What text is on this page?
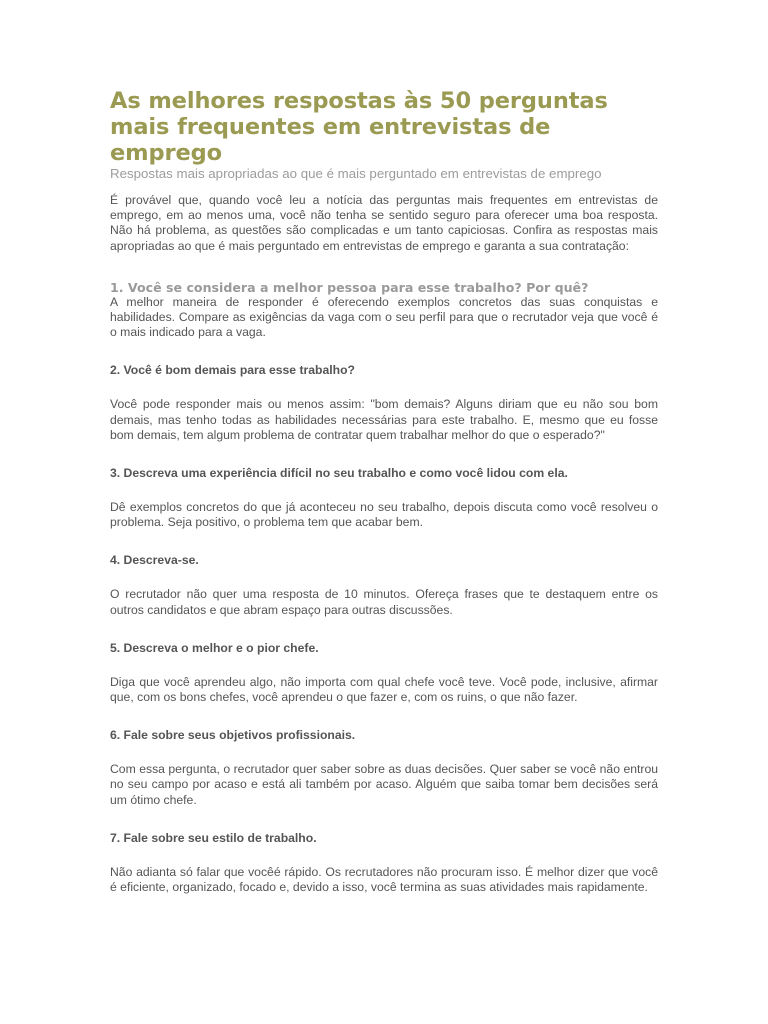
As melhores respostas às 50 perguntas mais frequentes em entrevistas de emprego

Respostas mais apropriadas ao que é mais perguntado em entrevistas de emprego

É provável que, quando você leu a notícia das perguntas mais frequentes em entrevistas de emprego, em ao menos uma, você não tenha se sentido seguro para oferecer uma boa resposta. Não há problema, as questões são complicadas e um tanto capiciosas. Confira as respostas mais apropriadas ao que é mais perguntado em entrevistas de emprego e garanta a sua contratação:

1. Você se considera a melhor pessoa para esse trabalho? Por quê?

A melhor maneira de responder é oferecendo exemplos concretos das suas conquistas e habilidades. Compare as exigências da vaga com o seu perfil para que o recrutador veja que você é o mais indicado para a vaga.

2. Você é bom demais para esse trabalho?

Você pode responder mais ou menos assim: "bom demais? Alguns diriam que eu não sou bom demais, mas tenho todas as habilidades necessárias para este trabalho. E, mesmo que eu fosse bom demais, tem algum problema de contratar quem trabalhar melhor do que o esperado?"

3. Descreva uma experiência difícil no seu trabalho e como você lidou com ela.

Dê exemplos concretos do que já aconteceu no seu trabalho, depois discuta como você resolveu o problema. Seja positivo, o problema tem que acabar bem.

4. Descreva-se.

O recrutador não quer uma resposta de 10 minutos. Ofereça frases que te destaquem entre os outros candidatos e que abram espaço para outras discussões.

5. Descreva o melhor e o pior chefe.

Diga que você aprendeu algo, não importa com qual chefe você teve. Você pode, inclusive, afirmar que, com os bons chefes, você aprendeu o que fazer e, com os ruins, o que não fazer.

6. Fale sobre seus objetivos profissionais.

Com essa pergunta, o recrutador quer saber sobre as duas decisões. Quer saber se você não entrou no seu campo por acaso e está ali também por acaso. Alguém que saiba tomar bem decisões será um ótimo chefe.

7. Fale sobre seu estilo de trabalho.

Não adianta só falar que vocêé rápido. Os recrutadores não procuram isso. É melhor dizer que você é eficiente, organizado, focado e, devido a isso, você termina as suas atividades mais rapidamente.
